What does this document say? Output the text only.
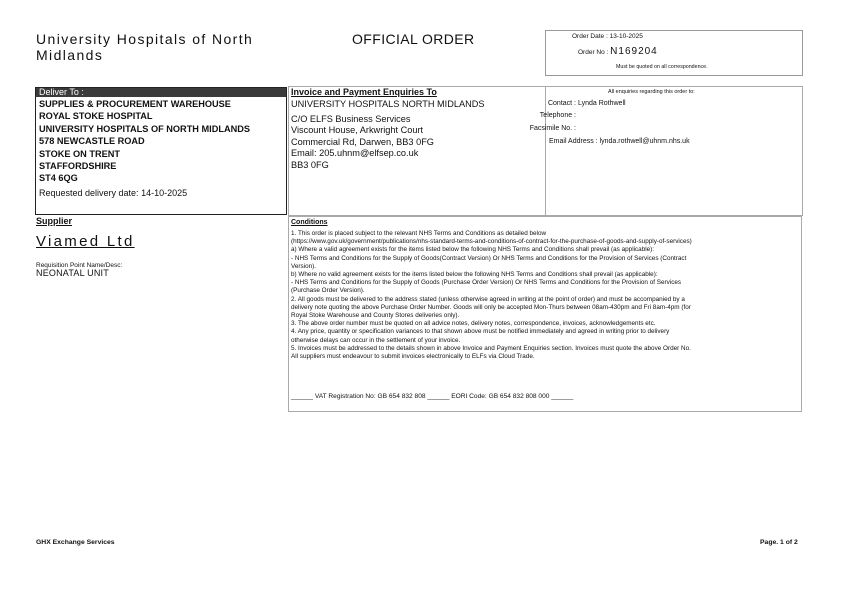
University Hospitals of North Midlands
OFFICIAL ORDER	Order Date : 13-10-2025
Order No : N169204
Must be quoted on all correspondence.
Deliver To :
SUPPLIES & PROCUREMENT WAREHOUSE
ROYAL STOKE HOSPITAL
UNIVERSITY HOSPITALS OF NORTH MIDLANDS
578 NEWCASTLE ROAD
STOKE ON TRENT
STAFFORDSHIRE
ST4 6QG
Requested delivery date: 14-10-2025
Invoice and Payment Enquiries To
UNIVERSITY HOSPITALS NORTH MIDLANDS
C/O ELFS Business Services
Viscount House, Arkwright Court
Commercial Rd, Darwen, BB3 0FG
Email: 205.uhnm@elfsep.co.uk
BB3 0FG
All enquiries regarding this order to:
Contact : Lynda Rothwell
Telephone :
Facsimile No. :
Email Address : lynda.rothwell@uhnm.nhs.uk
Supplier
Viamed Ltd
Requisition Point Name/Desc:
NEONATAL UNIT
Conditions
1. This order is placed subject to the relevant NHS Terms and Conditions as detailed below
(https://www.gov.uk/government/publications/nhs-standard-terms-and-conditions-of-contract-for-the-purchase-of-goods-and-supply-of-services)
a) Where a valid agreement exists for the items listed below the following NHS Terms and Conditions shall prevail (as applicable):
- NHS Terms and Conditions for the Supply of Goods(Contract Version) Or NHS Terms and Conditions for the Provision of Services (Contract
Version).
b) Where no valid agreement exists for the items listed below the following NHS Terms and Conditions shall prevail (as applicable):
- NHS Terms and Conditions for the Supply of Goods (Purchase Order Version) Or NHS Terms and Conditions for the Provision of Services
(Purchase Order Version).
2. All goods must be delivered to the address stated (unless otherwise agreed in writing at the point of order) and must be accompanied by a
delivery note quoting the above Purchase Order Number. Goods will only be accepted Mon-Thurs between 08am-430pm and Fri 8am-4pm (for
Royal Stoke Warehouse and County Stores deliveries only).
3. The above order number must be quoted on all advice notes, delivery notes, correspondence, invoices, acknowledgements etc.
4. Any price, quantity or specification variances to that shown above must be notified immediately and agreed in writing prior to delivery
otherwise delays can occur in the settlement of your invoice.
5. Invoices must be addressed to the details shown in above Invoice and Payment Enquiries section. Invoices must quote the above Order No.
All suppliers must endeavour to submit invoices electronically to ELFs via Cloud Trade.
______ VAT Registration No: GB 654 832 808 ______ EORI Code: GB 654 832 808 000 ______
GHX Exchange Services	Page. 1 of 2
